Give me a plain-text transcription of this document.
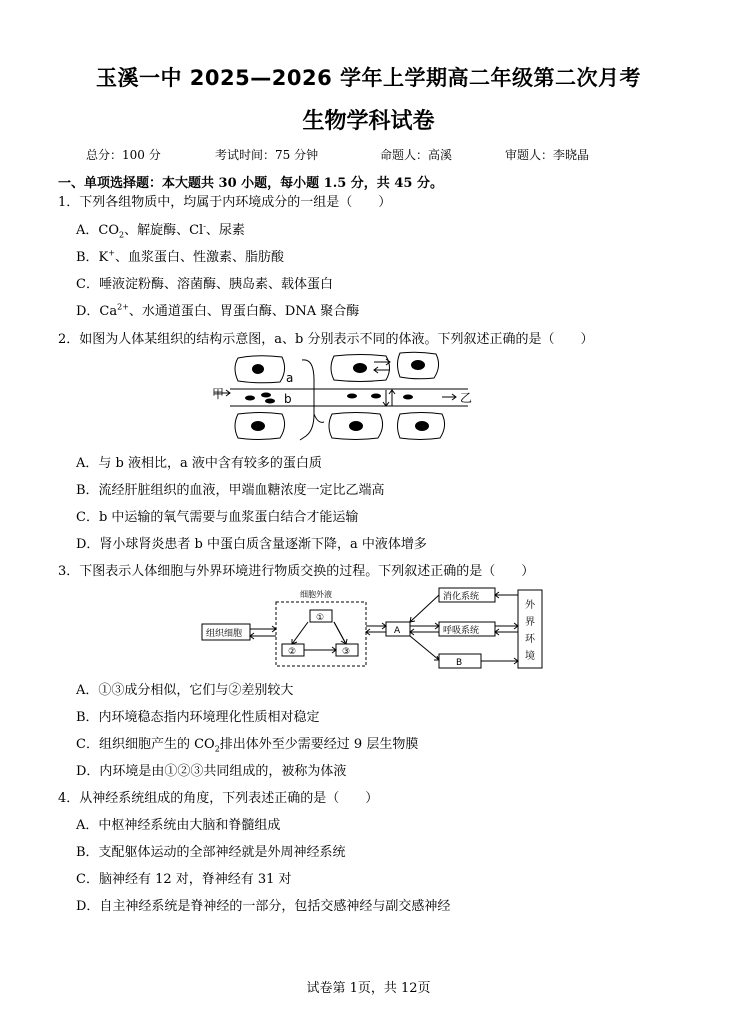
玉溪一中 2025—2026 学年上学期高二年级第二次月考
生物学科试卷
总分：100 分	考试时间：75 分钟	命题人：高溪	审题人：李晓晶
一、单项选择题：本大题共 30 小题，每小题 1.5 分，共 45 分。
1．下列各组物质中，均属于内环境成分的一组是（　　）
A．$CO_2$、解旋酶、Cl-、尿素
B．K+、血浆蛋白、性激素、脂肪酸
C．唾液淀粉酶、溶菌酶、胰岛素、载体蛋白
D．$Ca^{2+}$、水通道蛋白、胃蛋白酶、DNA 聚合酶
2．如图为人体某组织的结构示意图，a、b 分别表示不同的体液。下列叙述正确的是（　　）
甲	乙
a
b
A．与 b 液相比，a 液中含有较多的蛋白质
B．流经肝脏组织的血液，甲端血糖浓度一定比乙端高
C．b 中运输的氧气需要与血浆蛋白结合才能运输
D．肾小球肾炎患者 b 中蛋白质含量逐渐下降，a 中液体增多
3．下图表示人体细胞与外界环境进行物质交换的过程。下列叙述正确的是（　　）
细胞外液
组织细胞
①
②	③
A
消化系统
呼吸系统
B
外
界
环
境
A．①③成分相似，它们与②差别较大
B．内环境稳态指内环境理化性质相对稳定
C．组织细胞产生的 $CO_2$排出体外至少需要经过 9 层生物膜
D．内环境是由①②③共同组成的，被称为体液
4．从神经系统组成的角度，下列表述正确的是（　　）
A．中枢神经系统由大脑和脊髓组成
B．支配躯体运动的全部神经就是外周神经系统
C．脑神经有 12 对，脊神经有 31 对
D．自主神经系统是脊神经的一部分，包括交感神经与副交感神经
试卷第 1页，共 12页
